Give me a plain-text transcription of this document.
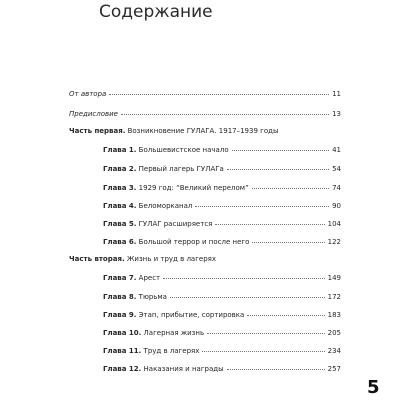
Содержание
От автора	11
Предисловие	13
Часть первая. Возникновение ГУЛАГА. 1917–1939 годы
Глава 1. Большевистское начало	41
Глава 2. Первый лагерь ГУЛАГа	54
Глава 3. 1929 год: “Великий перелом”	74
Глава 4. Беломорканал	90
Глава 5. ГУЛАГ расширяется	104
Глава 6. Большой террор и после него	122
Часть вторая. Жизнь и труд в лагерях
Глава 7. Арест	149
Глава 8. Тюрьма	172
Глава 9. Этап, прибытие, сортировка	183
Глава 10. Лагерная жизнь	205
Глава 11. Труд в лагерях	234
Глава 12. Наказания и награды	257
5
